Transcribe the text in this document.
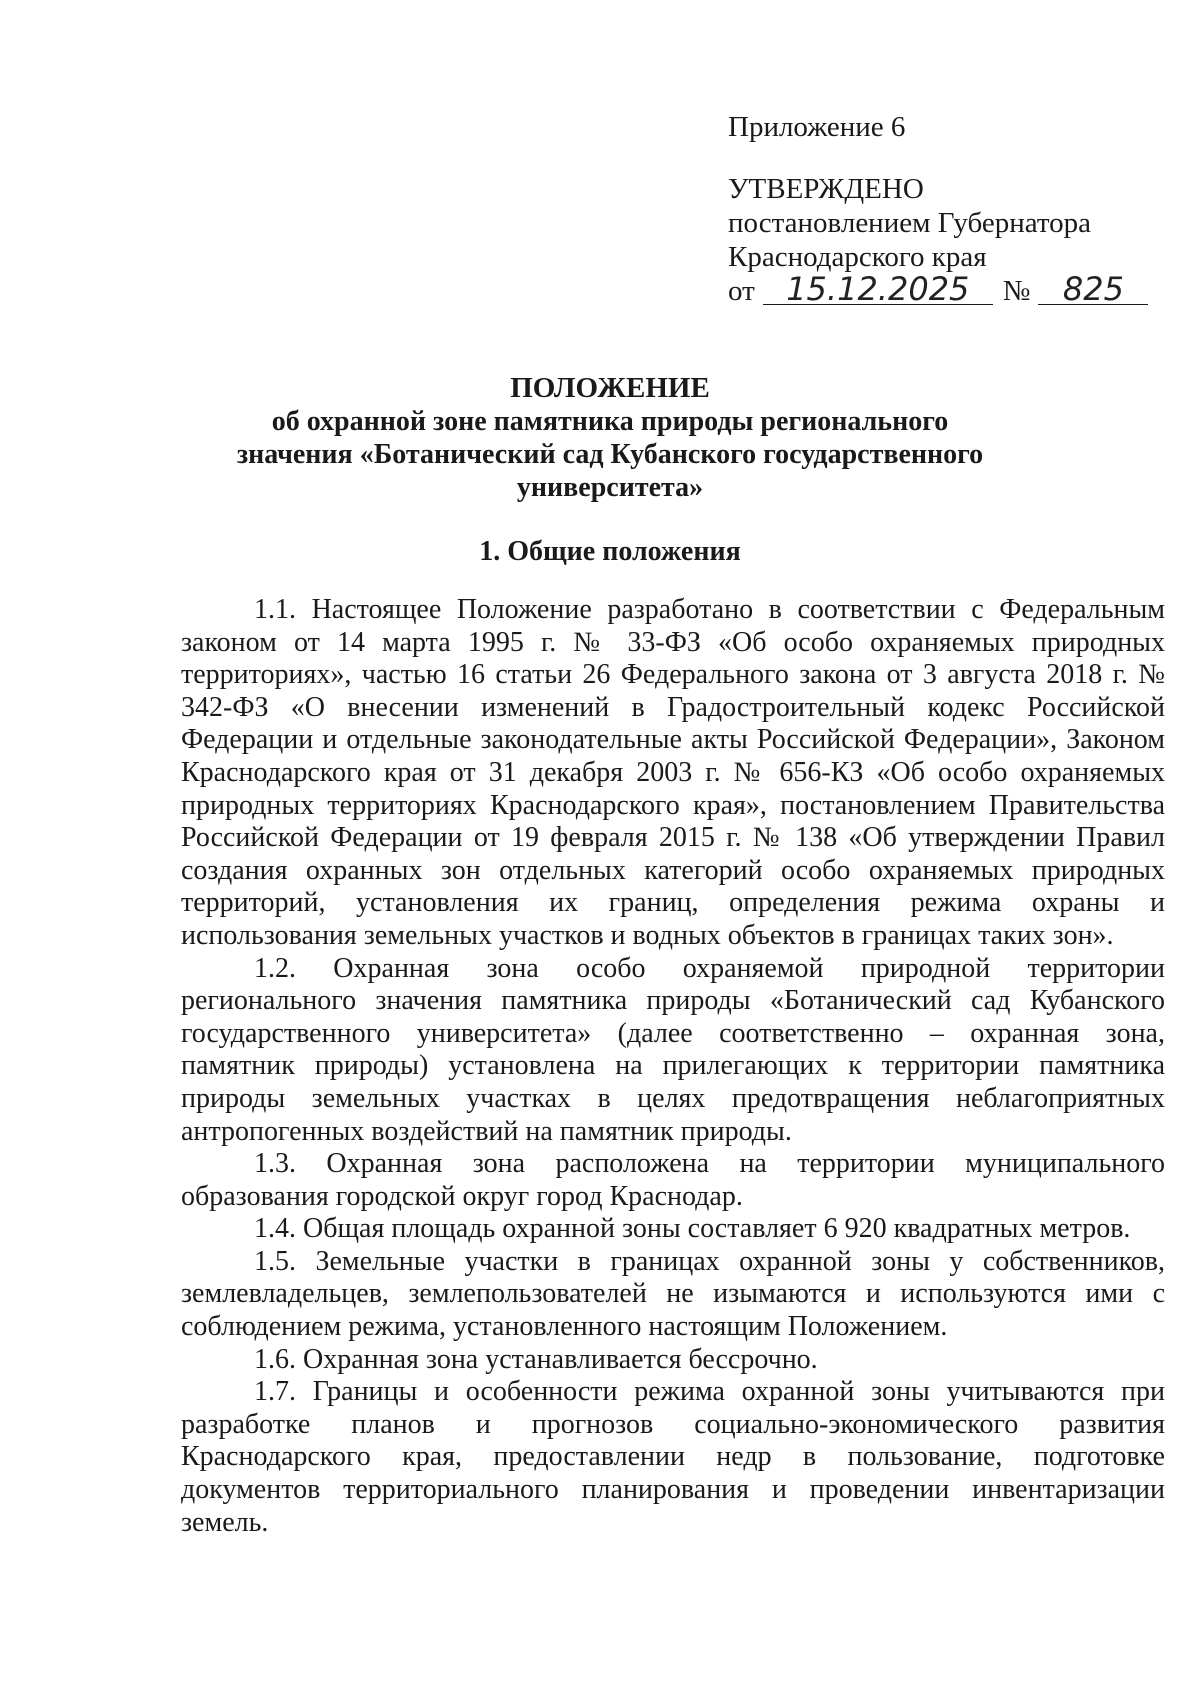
Приложение 6
УТВЕРЖДЕНО
постановлением Губернатора
Краснодарского края
от 15.12.2025 № 825
ПОЛОЖЕНИЕ
об охранной зоне памятника природы регионального
значения «Ботанический сад Кубанского государственного
университета»
1. Общие положения

1.1. Настоящее Положение разработано в соответствии с Федеральным законом от 14 марта 1995 г. № 33-ФЗ «Об особо охраняемых природных территориях», частью 16 статьи 26 Федерального закона от 3 августа 2018 г. № 342-ФЗ «О внесении изменений в Градостроительный кодекс Российской Федерации и отдельные законодательные акты Российской Федерации», Законом Краснодарского края от 31 декабря 2003 г. № 656-КЗ «Об особо охраняемых природных территориях Краснодарского края», постановлением Правительства Российской Федерации от 19 февраля 2015 г. № 138 «Об утверждении Правил создания охранных зон отдельных категорий особо охраняемых природных территорий, установления их границ, определения режима охраны и использования земельных участков и водных объектов в границах таких зон».

1.2. Охранная зона особо охраняемой природной территории регионального значения памятника природы «Ботанический сад Кубанского государственного университета» (далее соответственно – охранная зона, памятник природы) установлена на прилегающих к территории памятника природы земельных участках в целях предотвращения неблагоприятных антропогенных воздействий на памятник природы.

1.3. Охранная зона расположена на территории муниципального образования городской округ город Краснодар.

1.4. Общая площадь охранной зоны составляет 6 920 квадратных метров.

1.5. Земельные участки в границах охранной зоны у собственников, землевладельцев, землепользователей не изымаются и используются ими с соблюдением режима, установленного настоящим Положением.

1.6. Охранная зона устанавливается бессрочно.

1.7. Границы и особенности режима охранной зоны учитываются при разработке планов и прогнозов социально-экономического развития Краснодарского края, предоставлении недр в пользование, подготовке документов территориального планирования и проведении инвентаризации земель.
